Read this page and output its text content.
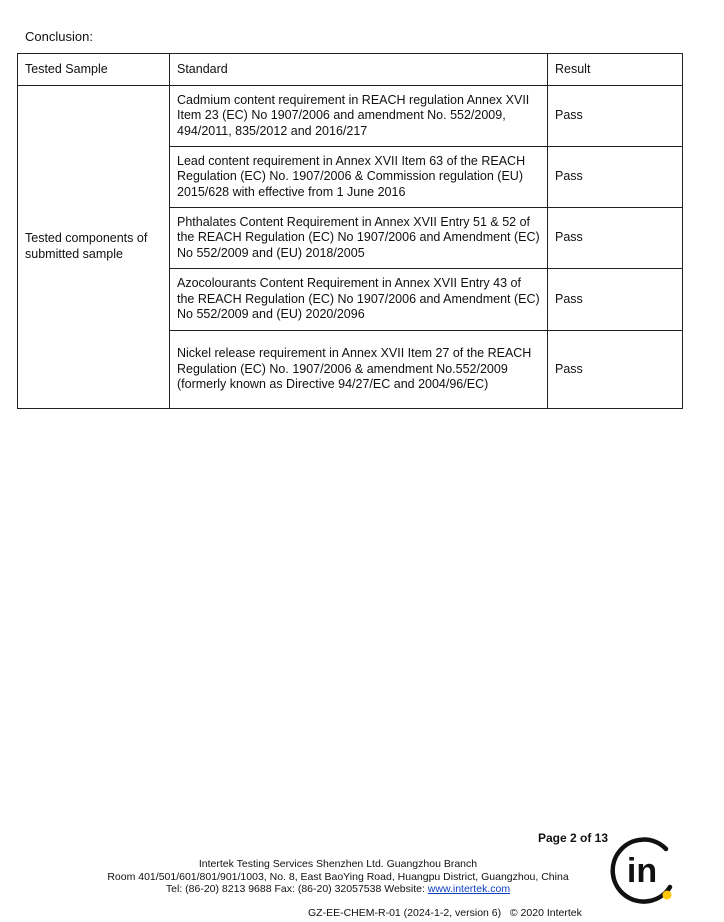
Conclusion:
Tested Sample	Standard	Result
Tested components of submitted sample	Cadmium content requirement in REACH regulation Annex XVII Item 23 (EC) No 1907/2006 and amendment No. 552/2009, 494/2011, 835/2012 and 2016/217	Pass
	Lead content requirement in Annex XVII Item 63 of the REACH Regulation (EC) No. 1907/2006 & Commission regulation (EU) 2015/628 with effective from 1 June 2016	Pass
	Phthalates Content Requirement in Annex XVII Entry 51 & 52 of the REACH Regulation (EC) No 1907/2006 and Amendment (EC) No 552/2009 and (EU) 2018/2005	Pass
	Azocolourants Content Requirement in Annex XVII Entry 43 of the REACH Regulation (EC) No 1907/2006 and Amendment (EC) No 552/2009 and (EU) 2020/2096	Pass
	Nickel release requirement in Annex XVII Item 27 of the REACH Regulation (EC) No. 1907/2006 & amendment No.552/2009 (formerly known as Directive 94/27/EC and 2004/96/EC)	Pass
Page 2 of 13
Intertek Testing Services Shenzhen Ltd. Guangzhou Branch
Room 401/501/601/801/901/1003, No. 8, East BaoYing Road, Huangpu District, Guangzhou, China
Tel: (86-20) 8213 9688 Fax: (86-20) 32057538 Website: www.intertek.com
GZ-EE-CHEM-R-01 (2024-1-2, version 6) © 2020 Intertek
in
